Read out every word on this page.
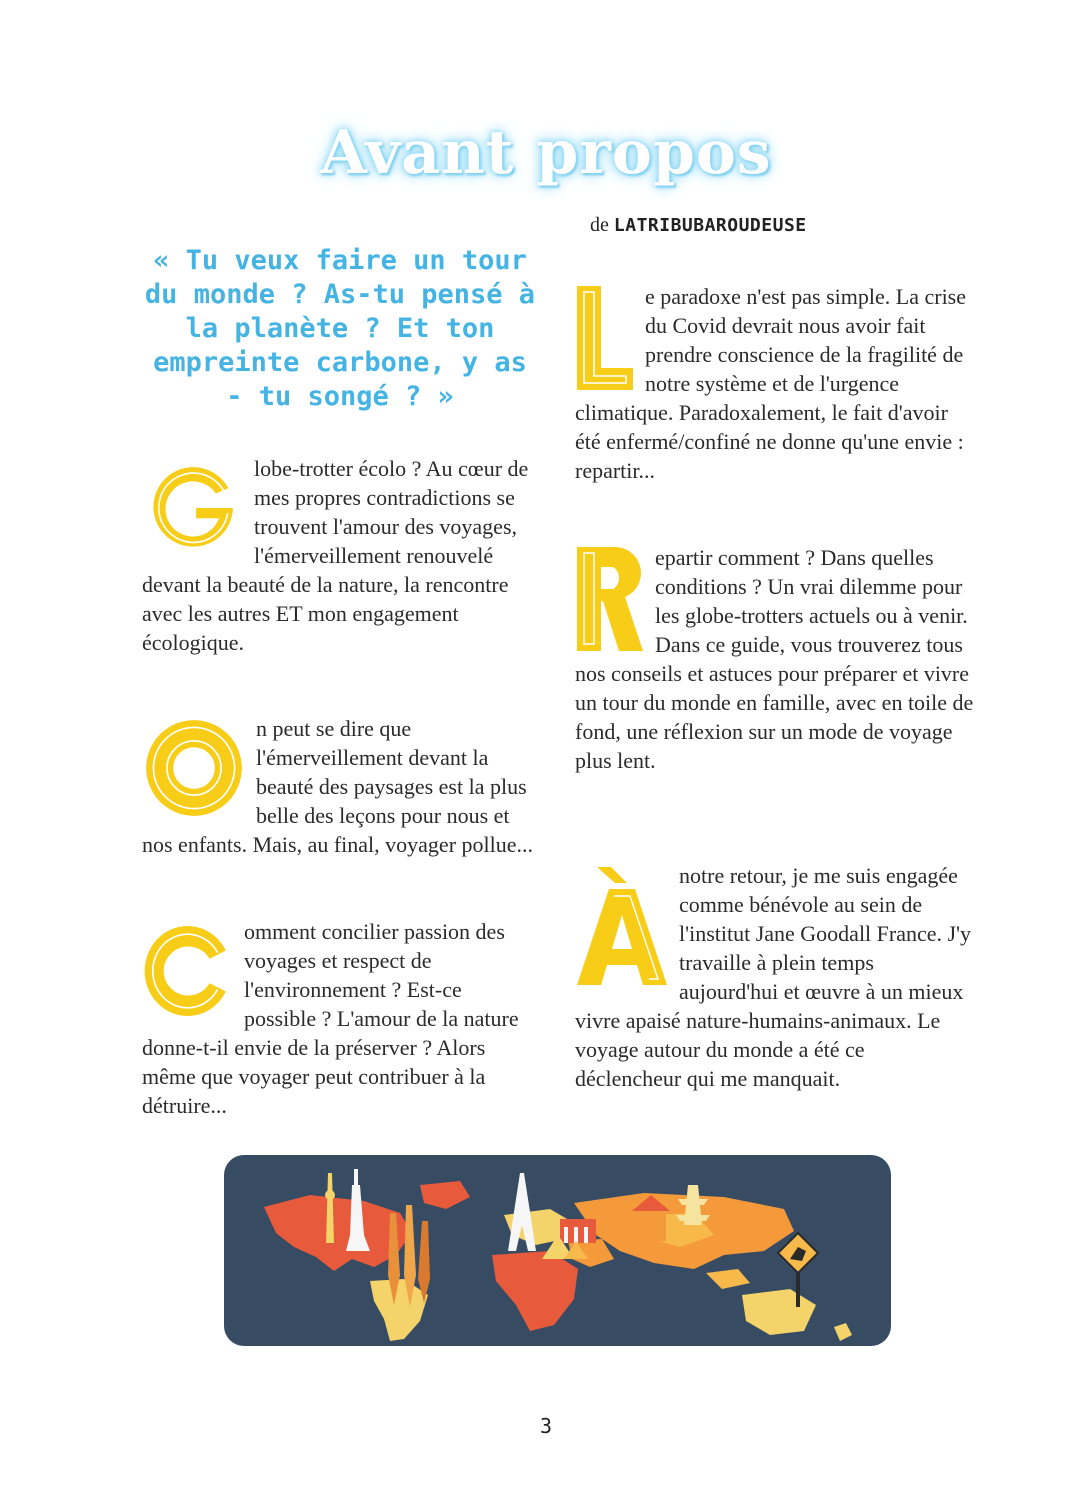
Avant propos
de LATRIBUBAROUDEUSE
« Tu veux faire un tour du monde ? As-tu pensé à la planète ? Et ton empreinte carbone, y as - tu songé ? »
lobe-trotter écolo ? Au cœur de mes propres contradictions se trouvent l'amour des voyages, l'émerveillement renouvelé devant la beauté de la nature, la rencontre avec les autres ET mon engagement écologique.
n peut se dire que l'émerveillement devant la beauté des paysages est la plus belle des leçons pour nous et nos enfants. Mais, au final, voyager pollue...
omment concilier passion des voyages et respect de l'environnement ? Est-ce possible ? L'amour de la nature donne-t-il envie de la préserver ? Alors même que voyager peut contribuer à la détruire...
e paradoxe n'est pas simple. La crise du Covid devrait nous avoir fait prendre conscience de la fragilité de notre système et de l'urgence climatique. Paradoxalement, le fait d'avoir été enfermé/confiné ne donne qu'une envie : repartir...
epartir comment ? Dans quelles conditions ? Un vrai dilemme pour les globe-trotters actuels ou à venir. Dans ce guide, vous trouverez tous nos conseils et astuces pour préparer et vivre un tour du monde en famille, avec en toile de fond, une réflexion sur un mode de voyage plus lent.
notre retour, je me suis engagée comme bénévole au sein de l'institut Jane Goodall France. J'y travaille à plein temps aujourd'hui et œuvre à un mieux vivre apaisé nature-humains-animaux. Le voyage autour du monde a été ce déclencheur qui me manquait.
3
